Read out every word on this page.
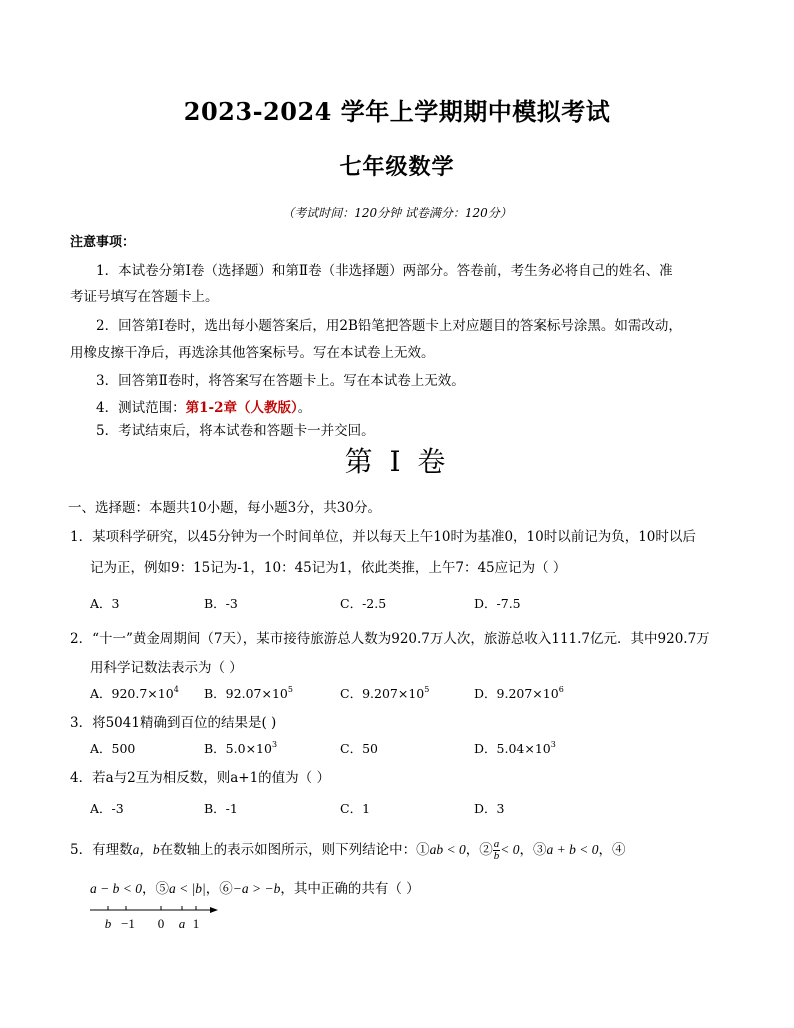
2023-2024 学年上学期期中模拟考试
七年级数学
（考试时间：120分钟 试卷满分：120分）
注意事项：
1．本试卷分第Ⅰ卷（选择题）和第Ⅱ卷（非选择题）两部分。答卷前，考生务必将自己的姓名、准
考证号填写在答题卡上。
2．回答第Ⅰ卷时，选出每小题答案后，用2B铅笔把答题卡上对应题目的答案标号涂黑。如需改动，
用橡皮擦干净后，再选涂其他答案标号。写在本试卷上无效。
3．回答第Ⅱ卷时，将答案写在答题卡上。写在本试卷上无效。
4．测试范围：第1-2章（人教版）。
5．考试结束后，将本试卷和答题卡一并交回。
第 I 卷
一、选择题：本题共10小题，每小题3分，共30分。
1．某项科学研究，以45分钟为一个时间单位，并以每天上午10时为基准0，10时以前记为负，10时以后
记为正，例如9：15记为-1，10：45记为1，依此类推，上午7：45应记为（ ）
A．3	B．-3	C．-2.5	D．-7.5
2．“十一”黄金周期间（7天），某市接待旅游总人数为920.7万人次，旅游总收入111.7亿元．其中920.7万
用科学记数法表示为（ ）
A．$920.7\times 10^4$ B．$92.07\times 10^5$	C．$9.207\times 10^5$	D．$9.207\times 10^6$
3．将5041精确到百位的结果是( )
A．500	B．$5.0\times 10^3$	C．50	D．$5.04\times 10^3$
4．若a与2互为相反数，则a+1的值为（ ）
A．-3	B．-1	C．1	D．3
5．有理数a，b在数轴上的表示如图所示，则下列结论中：①ab < 0，② $\frac{a}{b} < 0$，③a + b < 0，④
a − b < 0，⑤a < |b|，⑥−a > −b，其中正确的共有（ ）
b −1 0 a 1
